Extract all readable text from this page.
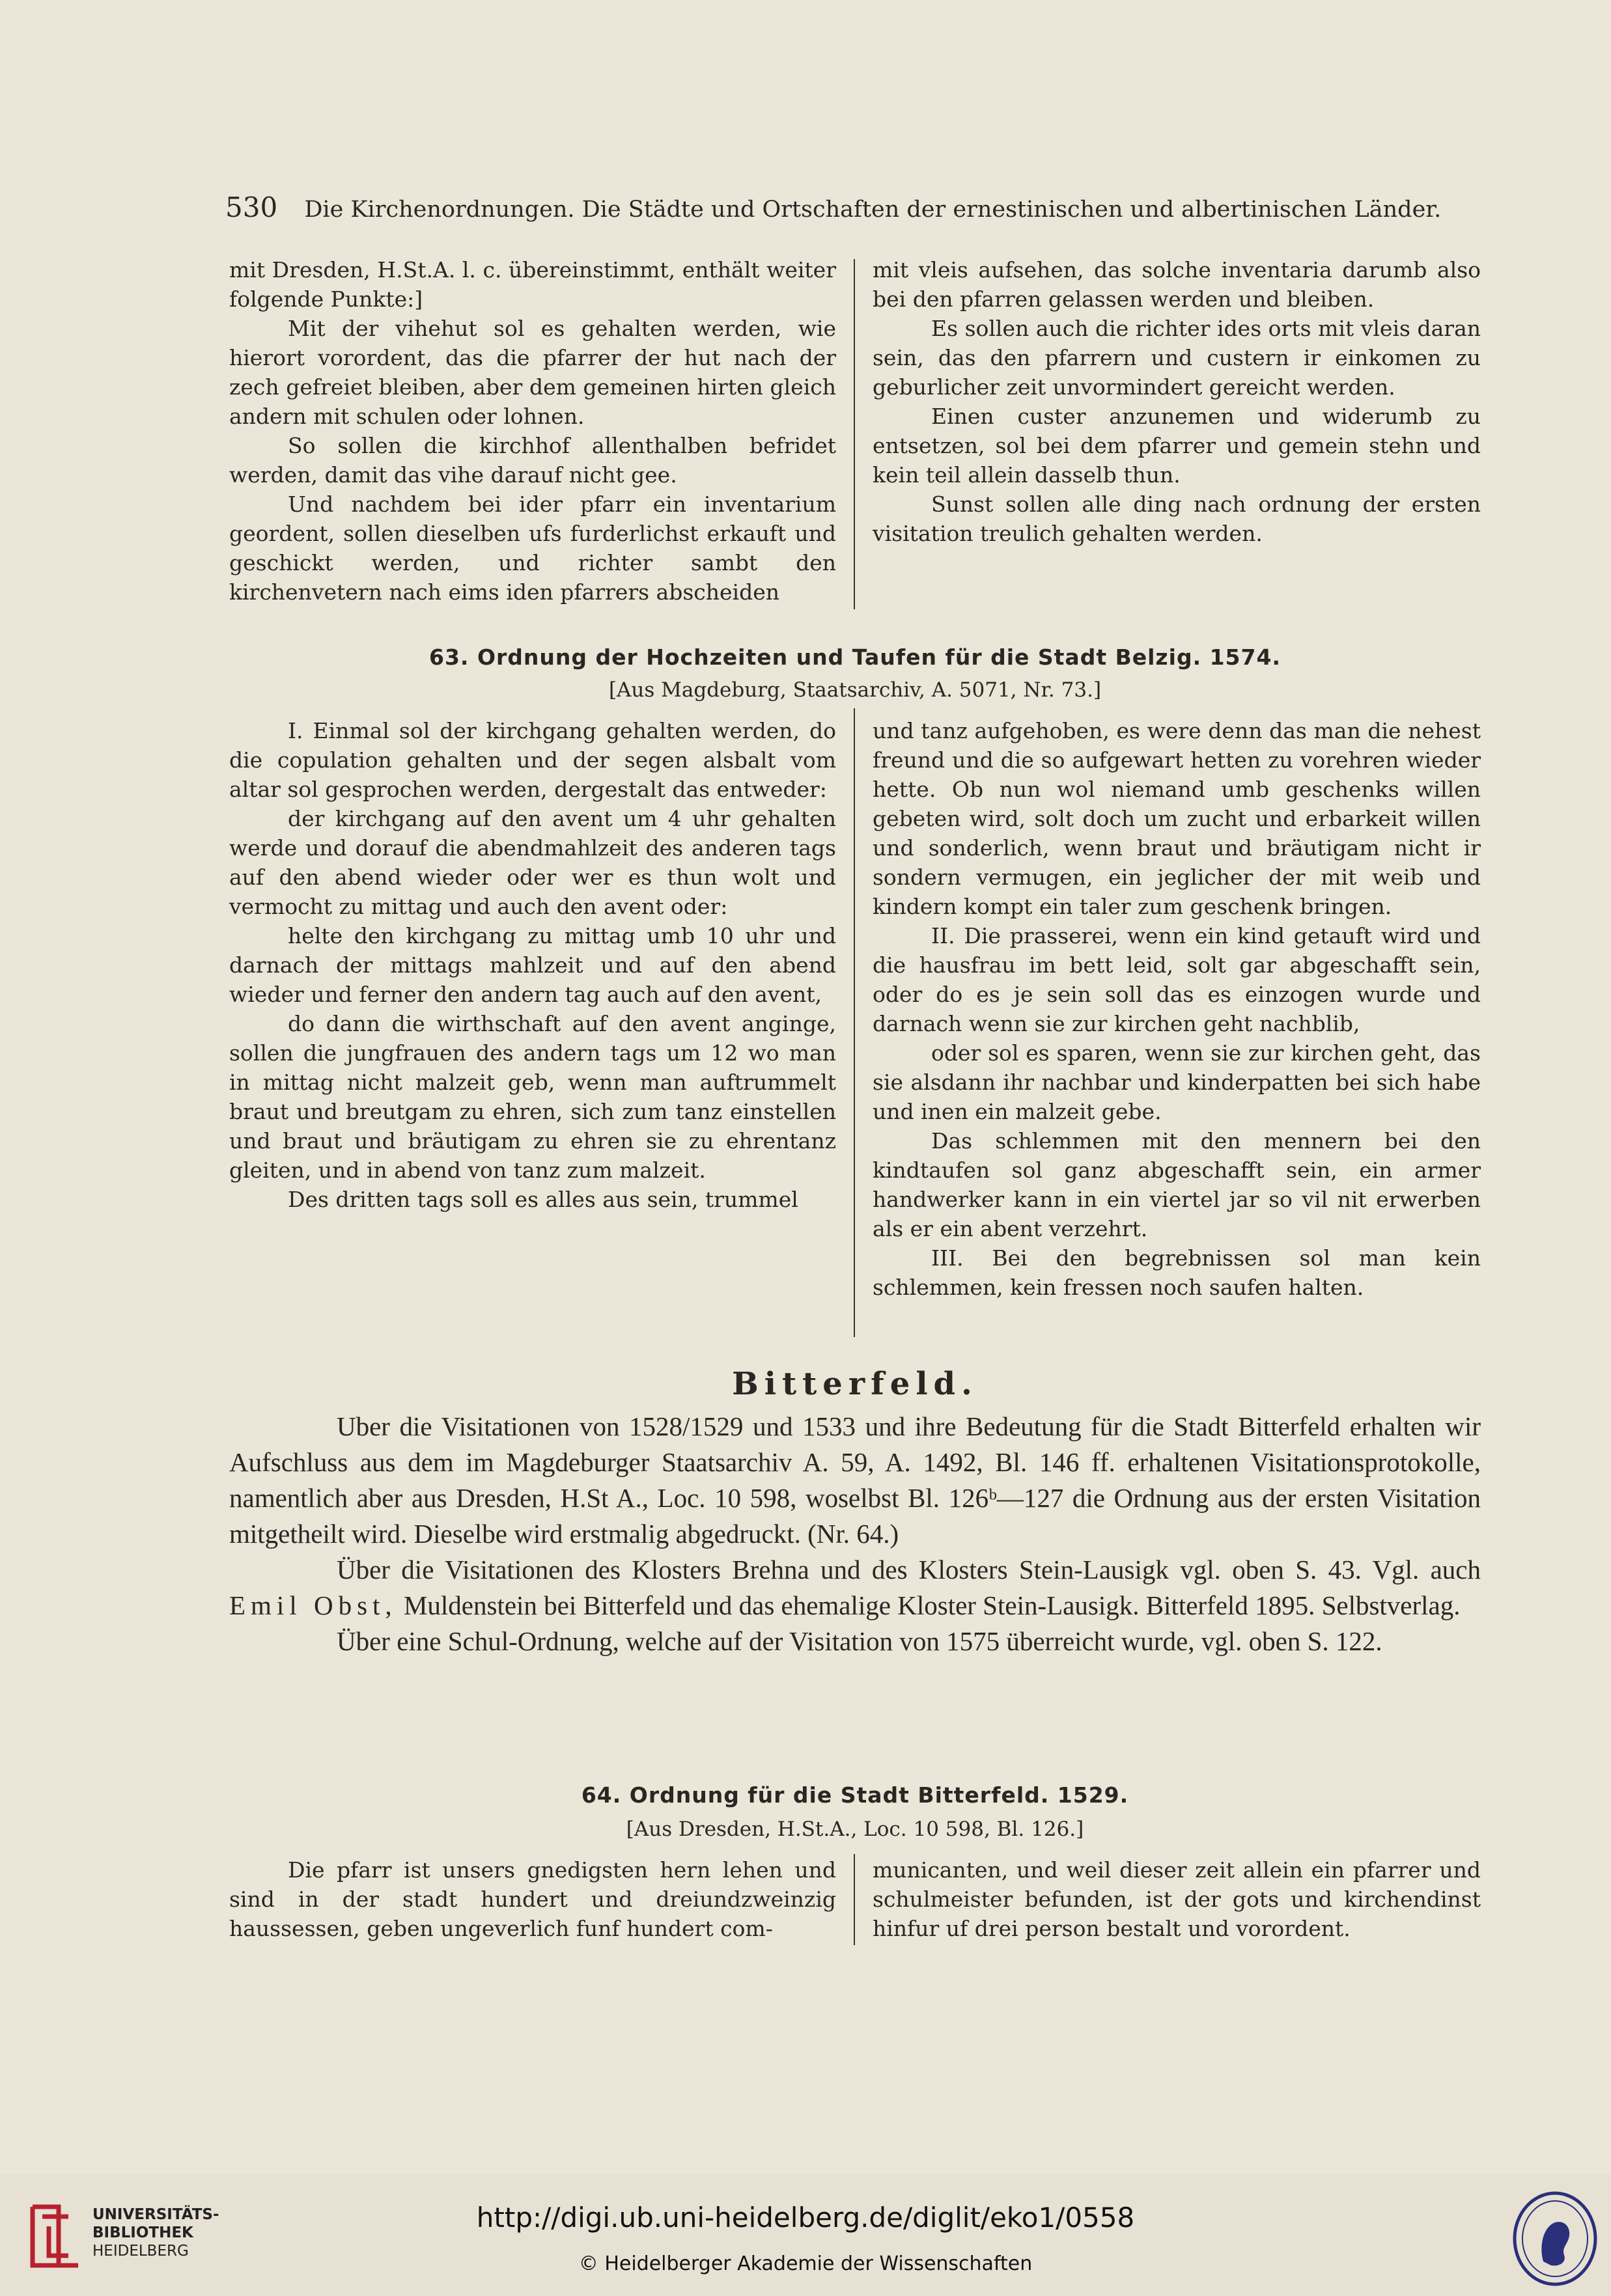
530 Die Kirchenordnungen. Die Städte und Ortschaften der ernestinischen und albertinischen Länder.

mit Dresden, H.St.A. l. c. übereinstimmt, enthält weiter folgende Punkte:]

Mit der vihehut sol es gehalten werden, wie hierort vorordent, das die pfarrer der hut nach der zech gefreiet bleiben, aber dem gemeinen hirten gleich andern mit schulen oder lohnen.

So sollen die kirchhof allenthalben befridet werden, damit das vihe darauf nicht gee.

Und nachdem bei ider pfarr ein inventarium geordent, sollen dieselben ufs furderlichst erkauft und geschickt werden, und richter sambt den kirchenvetern nach eims iden pfarrers abscheiden

mit vleis aufsehen, das solche inventaria darumb also bei den pfarren gelassen werden und bleiben.

Es sollen auch die richter ides orts mit vleis daran sein, das den pfarrern und custern ir einkomen zu geburlicher zeit unvormindert gereicht werden.

Einen custer anzunemen und widerumb zu entsetzen, sol bei dem pfarrer und gemein stehn und kein teil allein dasselb thun.

Sunst sollen alle ding nach ordnung der ersten visitation treulich gehalten werden.

63. Ordnung der Hochzeiten und Taufen für die Stadt Belzig. 1574.
[Aus Magdeburg, Staatsarchiv, A. 5071, Nr. 73.]

I. Einmal sol der kirchgang gehalten werden, do die copulation gehalten und der segen alsbalt vom altar sol gesprochen werden, dergestalt das entweder:

der kirchgang auf den avent um 4 uhr gehalten werde und dorauf die abendmahlzeit des anderen tags auf den abend wieder oder wer es thun wolt und vermocht zu mittag und auch den avent oder:

helte den kirchgang zu mittag umb 10 uhr und darnach der mittags mahlzeit und auf den abend wieder und ferner den andern tag auch auf den avent,

do dann die wirthschaft auf den avent anginge, sollen die jungfrauen des andern tags um 12 wo man in mittag nicht malzeit geb, wenn man auftrummelt braut und breutgam zu ehren, sich zum tanz einstellen und braut und bräutigam zu ehren sie zu ehrentanz gleiten, und in abend von tanz zum malzeit.

Des dritten tags soll es alles aus sein, trummel

und tanz aufgehoben, es were denn das man die nehest freund und die so aufgewart hetten zu vorehren wieder hette. Ob nun wol niemand umb geschenks willen gebeten wird, solt doch um zucht und erbarkeit willen und sonderlich, wenn braut und bräutigam nicht ir sondern vermugen, ein jeglicher der mit weib und kindern kompt ein taler zum geschenk bringen.

II. Die prasserei, wenn ein kind getauft wird und die hausfrau im bett leid, solt gar abgeschafft sein, oder do es je sein soll das es einzogen wurde und darnach wenn sie zur kirchen geht nachblib,

oder sol es sparen, wenn sie zur kirchen geht, das sie alsdann ihr nachbar und kinderpatten bei sich habe und inen ein malzeit gebe.

Das schlemmen mit den mennern bei den kindtaufen sol ganz abgeschafft sein, ein armer handwerker kann in ein viertel jar so vil nit erwerben als er ein abent verzehrt.

III. Bei den begrebnissen sol man kein schlemmen, kein fressen noch saufen halten.

Bitterfeld.

Uber die Visitationen von 1528/1529 und 1533 und ihre Bedeutung für die Stadt Bitterfeld erhalten wir Aufschluss aus dem im Magdeburger Staatsarchiv A. 59, A. 1492, Bl. 146 ff. erhaltenen Visitationsprotokolle, namentlich aber aus Dresden, H.St A., Loc. 10 598, woselbst Bl. 126ᵇ—127 die Ordnung aus der ersten Visitation mitgetheilt wird. Dieselbe wird erstmalig abgedruckt. (Nr. 64.)

Über die Visitationen des Klosters Brehna und des Klosters Stein-Lausigk vgl. oben S. 43. Vgl. auch Emil Obst, Muldenstein bei Bitterfeld und das ehemalige Kloster Stein-Lausigk. Bitterfeld 1895. Selbstverlag.

Über eine Schul-Ordnung, welche auf der Visitation von 1575 überreicht wurde, vgl. oben S. 122.

64. Ordnung für die Stadt Bitterfeld. 1529.
[Aus Dresden, H.St.A., Loc. 10 598, Bl. 126.]

Die pfarr ist unsers gnedigsten hern lehen und sind in der stadt hundert und dreiundzweinzig haussessen, geben ungeverlich funf hundert com-

municanten, und weil dieser zeit allein ein pfarrer und schulmeister befunden, ist der gots und kirchendinst hinfur uf drei person bestalt und vorordent.

UNIVERSITÄTS-
BIBLIOTHEK
HEIDELBERG
http://digi.ub.uni-heidelberg.de/diglit/eko1/0558
© Heidelberger Akademie der Wissenschaften
